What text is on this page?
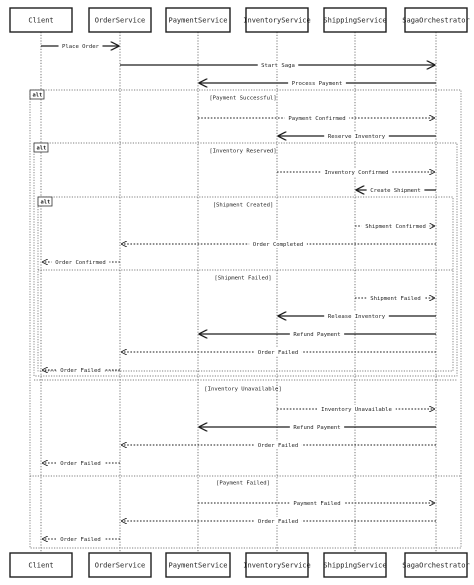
alt
[Payment Successful]
[Payment Failed]
alt
[Inventory Reserved]
[Inventory Unavailable]
alt
[Shipment Created]
[Shipment Failed]
Place Order
Start Saga
Process Payment
Payment Confirmed
Reserve Inventory
Inventory Confirmed
Create Shipment
Shipment Confirmed
Order Completed
Order Confirmed
Shipment Failed
Release Inventory
Refund Payment
Order Failed
Order Failed
Inventory Unavailable
Refund Payment
Order Failed
Order Failed
Payment Failed
Order Failed
Order Failed
Client	OrderService	PaymentService InventoryService ShippingService SagaOrchestrator
Client	OrderService	PaymentService InventoryService ShippingService SagaOrchestrator
